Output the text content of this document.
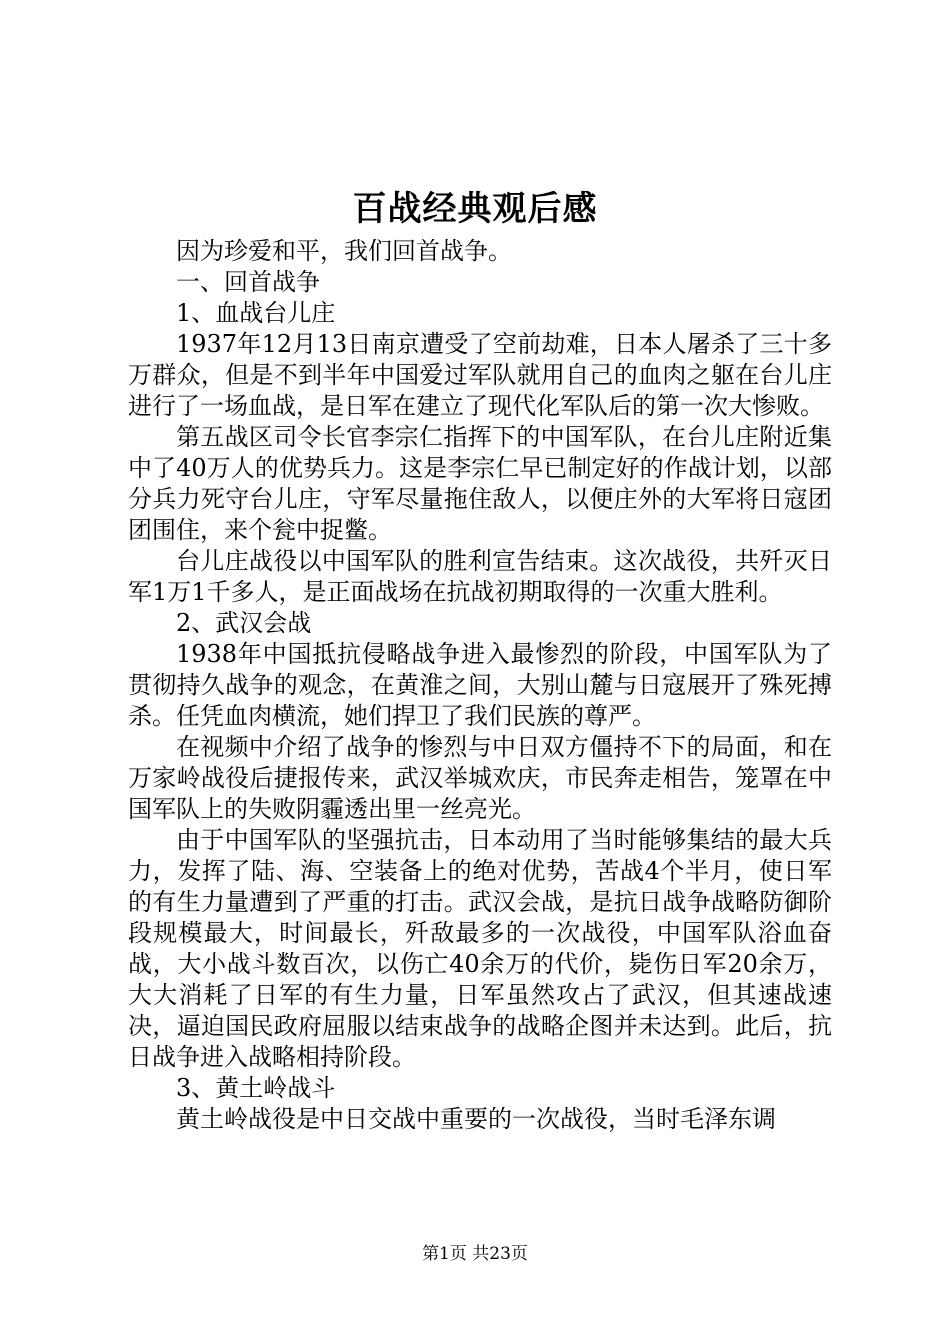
百战经典观后感

因为珍爱和平，我们回首战争。

一、回首战争

1、血战台儿庄

1937年12月13日南京遭受了空前劫难，日本人屠杀了三十多万群众，但是不到半年中国爱过军队就用自己的血肉之躯在台儿庄进行了一场血战，是日军在建立了现代化军队后的第一次大惨败。

第五战区司令长官李宗仁指挥下的中国军队，在台儿庄附近集中了40万人的优势兵力。这是李宗仁早已制定好的作战计划，以部分兵力死守台儿庄，守军尽量拖住敌人，以便庄外的大军将日寇团团围住，来个瓮中捉鳖。

台儿庄战役以中国军队的胜利宣告结束。这次战役，共歼灭日军1万1千多人，是正面战场在抗战初期取得的一次重大胜利。

2、武汉会战

1938年中国抵抗侵略战争进入最惨烈的阶段，中国军队为了贯彻持久战争的观念，在黄淮之间，大别山麓与日寇展开了殊死搏杀。任凭血肉横流，她们捍卫了我们民族的尊严。

在视频中介绍了战争的惨烈与中日双方僵持不下的局面，和在万家岭战役后捷报传来，武汉举城欢庆，市民奔走相告，笼罩在中国军队上的失败阴霾透出里一丝亮光。

由于中国军队的坚强抗击，日本动用了当时能够集结的最大兵力，发挥了陆、海、空装备上的绝对优势，苦战4个半月，使日军的有生力量遭到了严重的打击。武汉会战，是抗日战争战略防御阶段规模最大，时间最长，歼敌最多的一次战役，中国军队浴血奋战，大小战斗数百次，以伤亡40余万的代价，毙伤日军20余万，大大消耗了日军的有生力量，日军虽然攻占了武汉，但其速战速决，逼迫国民政府屈服以结束战争的战略企图并未达到。此后，抗日战争进入战略相持阶段。

3、黄土岭战斗

黄土岭战役是中日交战中重要的一次战役，当时毛泽东调

第1页 共23页
